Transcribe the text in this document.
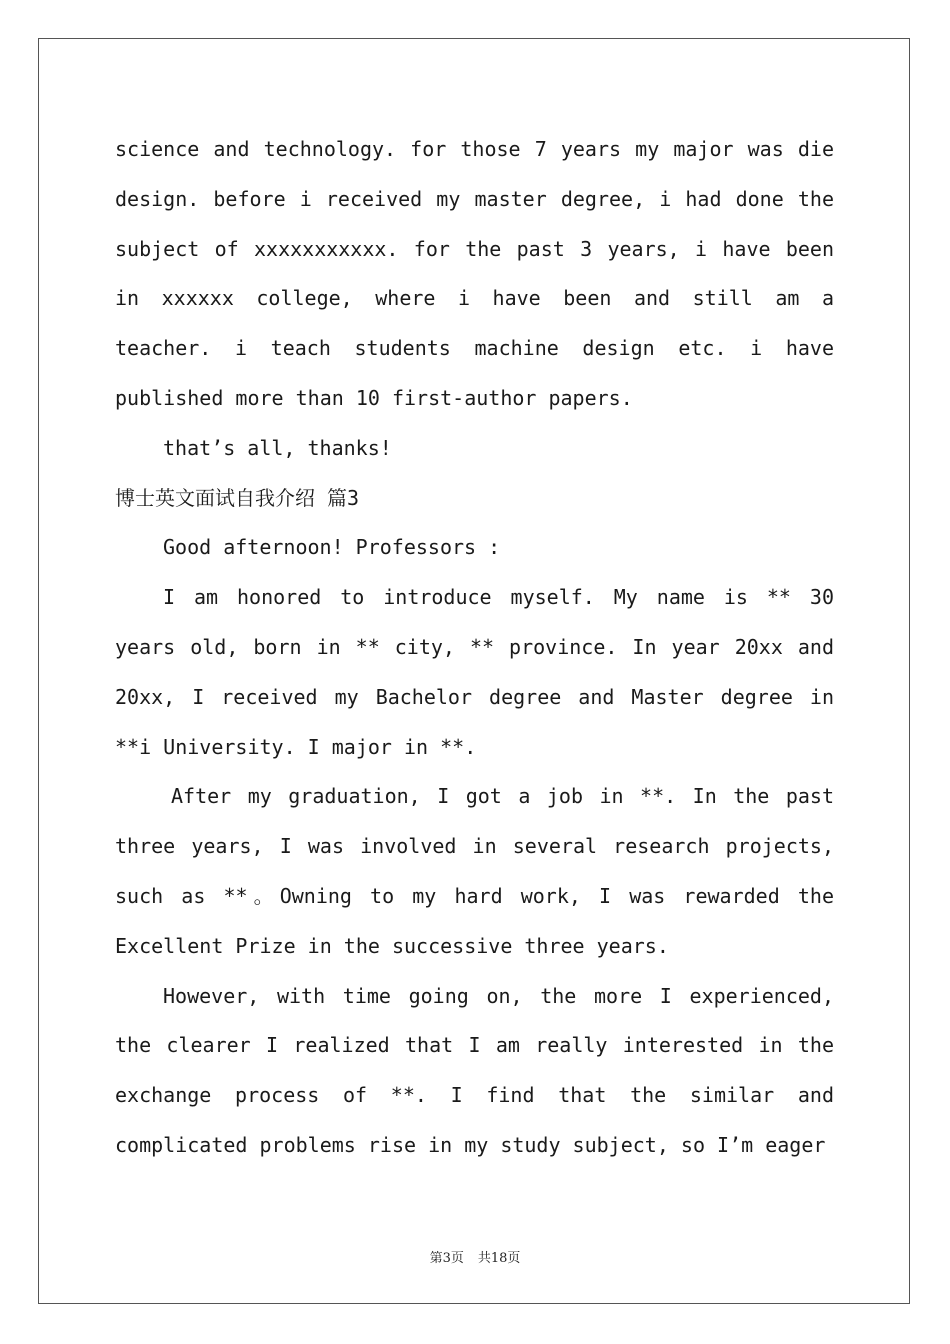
science and technology. for those 7 years my major was die design. before i received my master degree, i had done the subject of xxxxxxxxxxx. for the past 3 years, i have been in xxxxxx college, where i have been and still am a teacher. i teach students machine design etc. i have published more than 10 first-author papers.

that’s all, thanks!

博士英文面试自我介绍 篇3

Good afternoon! Professors :

I am honored to introduce myself. My name is ** 30 years old, born in ** city, ** province. In year 20xx and 20xx, I received my Bachelor degree and Master degree in **i University. I major in **.

After my graduation, I got a job in **. In the past three years, I was involved in several research projects, such as **。Owning to my hard work, I was rewarded the Excellent Prize in the successive three years.

However, with time going on, the more I experienced, the clearer I realized that I am really interested in the exchange process of **. I find that the similar and complicated problems rise in my study subject, so I’m eager

第3页 共18页
